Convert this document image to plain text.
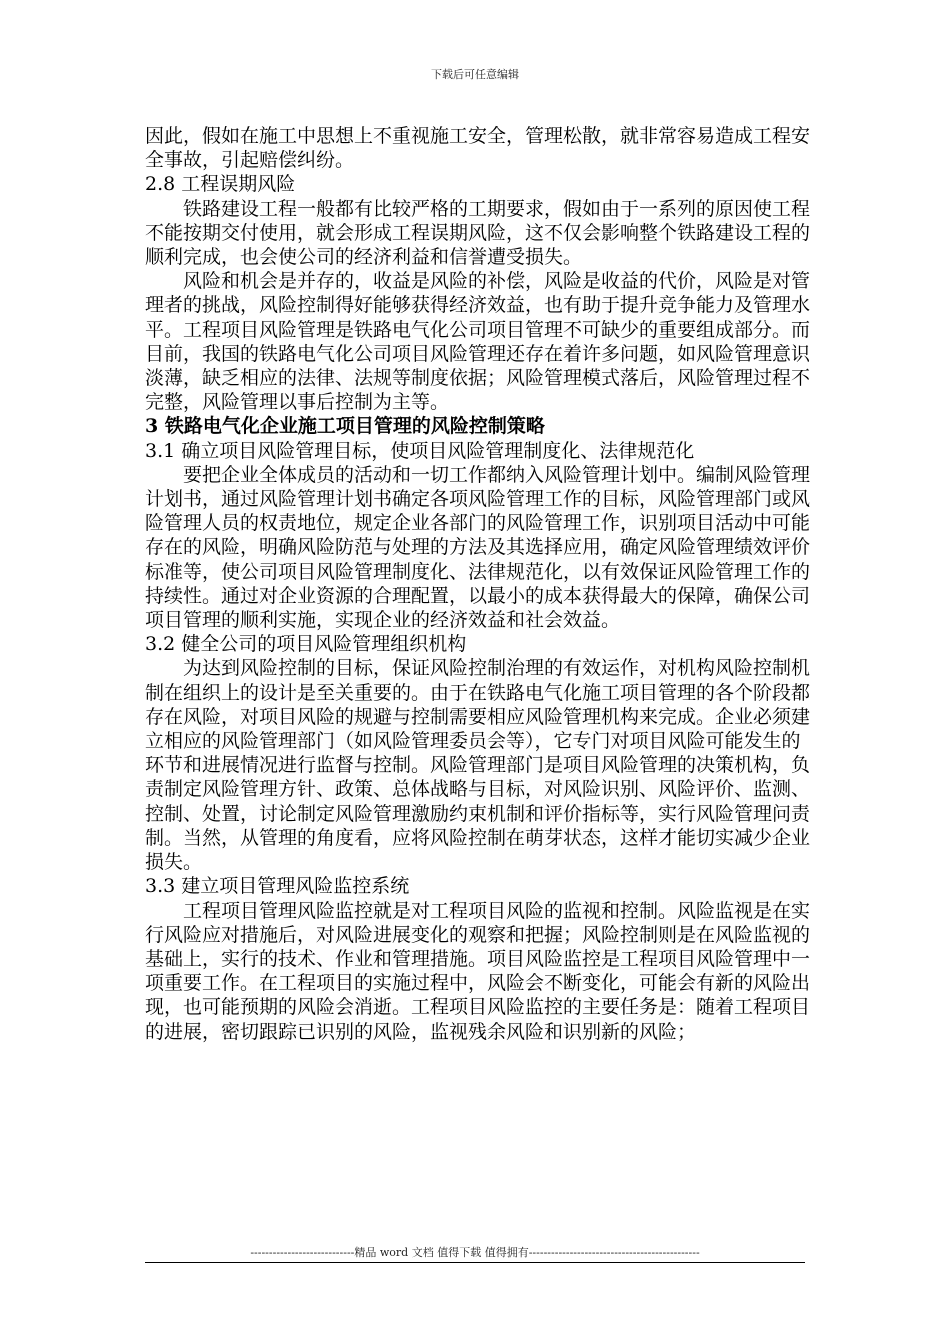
下载后可任意编辑

因此，假如在施工中思想上不重视施工安全，管理松散，就非常容易造成工程安全事故，引起赔偿纠纷。

2.8 工程误期风险

铁路建设工程一般都有比较严格的工期要求，假如由于一系列的原因使工程不能按期交付使用，就会形成工程误期风险，这不仅会影响整个铁路建设工程的顺利完成，也会使公司的经济利益和信誉遭受损失。

风险和机会是并存的，收益是风险的补偿，风险是收益的代价，风险是对管理者的挑战，风险控制得好能够获得经济效益，也有助于提升竞争能力及管理水平。工程项目风险管理是铁路电气化公司项目管理不可缺少的重要组成部分。而目前，我国的铁路电气化公司项目风险管理还存在着许多问题，如风险管理意识淡薄，缺乏相应的法律、法规等制度依据；风险管理模式落后，风险管理过程不完整，风险管理以事后控制为主等。

3 铁路电气化企业施工项目管理的风险控制策略

3.1 确立项目风险管理目标，使项目风险管理制度化、法律规范化

要把企业全体成员的活动和一切工作都纳入风险管理计划中。编制风险管理计划书，通过风险管理计划书确定各项风险管理工作的目标，风险管理部门或风险管理人员的权责地位，规定企业各部门的风险管理工作，识别项目活动中可能存在的风险，明确风险防范与处理的方法及其选择应用，确定风险管理绩效评价标准等，使公司项目风险管理制度化、法律规范化，以有效保证风险管理工作的持续性。通过对企业资源的合理配置，以最小的成本获得最大的保障，确保公司项目管理的顺利实施，实现企业的经济效益和社会效益。

3.2 健全公司的项目风险管理组织机构

为达到风险控制的目标，保证风险控制治理的有效运作，对机构风险控制机制在组织上的设计是至关重要的。由于在铁路电气化施工项目管理的各个阶段都存在风险，对项目风险的规避与控制需要相应风险管理机构来完成。企业必须建立相应的风险管理部门（如风险管理委员会等），它专门对项目风险可能发生的环节和进展情况进行监督与控制。风险管理部门是项目风险管理的决策机构，负责制定风险管理方针、政策、总体战略与目标，对风险识别、风险评价、监测、控制、处置，讨论制定风险管理激励约束机制和评价指标等，实行风险管理问责制。当然，从管理的角度看，应将风险控制在萌芽状态，这样才能切实减少企业损失。

3.3 建立项目管理风险监控系统

工程项目管理风险监控就是对工程项目风险的监视和控制。风险监视是在实行风险应对措施后，对风险进展变化的观察和把握；风险控制则是在风险监视的基础上，实行的技术、作业和管理措施。项目风险监控是工程项目风险管理中一项重要工作。在工程项目的实施过程中，风险会不断变化，可能会有新的风险出现，也可能预期的风险会消逝。工程项目风险监控的主要任务是：随着工程项目的进展，密切跟踪已识别的风险，监视残余风险和识别新的风险；

----------------------------精品 word 文档 值得下载 值得拥有----------------------------------------------
